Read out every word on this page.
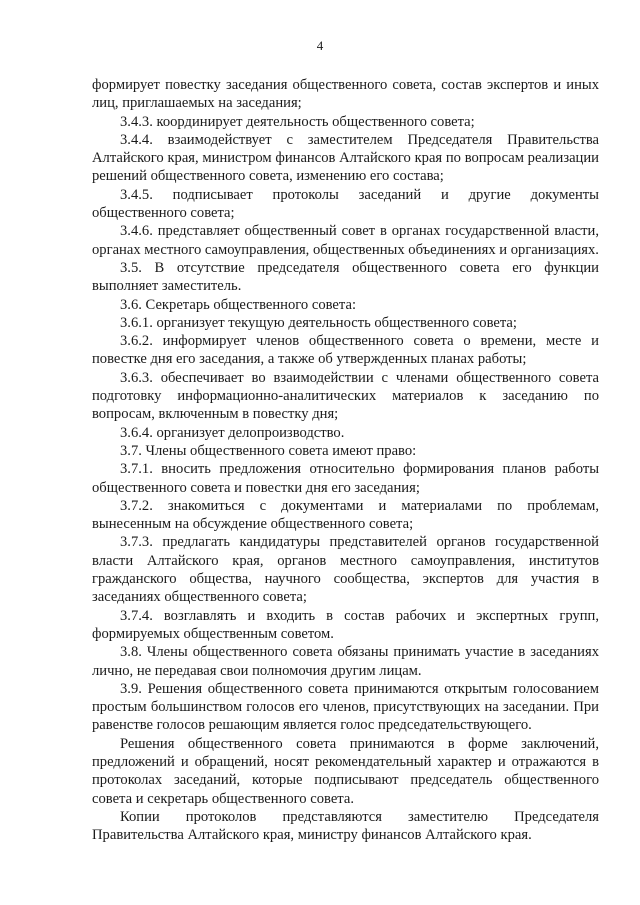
4

формирует повестку заседания общественного совета, состав экспертов и иных лиц, приглашаемых на заседания;

3.4.3. координирует деятельность общественного совета;

3.4.4. взаимодействует с заместителем Председателя Правительства Алтайского края, министром финансов Алтайского края по вопросам реализации решений общественного совета, изменению его состава;

3.4.5. подписывает протоколы заседаний и другие документы общественного совета;

3.4.6. представляет общественный совет в органах государственной власти, органах местного самоуправления, общественных объединениях и организациях.

3.5. В отсутствие председателя общественного совета его функции выполняет заместитель.

3.6. Секретарь общественного совета:

3.6.1. организует текущую деятельность общественного совета;

3.6.2. информирует членов общественного совета о времени, месте и повестке дня его заседания, а также об утвержденных планах работы;

3.6.3. обеспечивает во взаимодействии с членами общественного совета подготовку информационно-аналитических материалов к заседанию по вопросам, включенным в повестку дня;

3.6.4. организует делопроизводство.

3.7. Члены общественного совета имеют право:

3.7.1. вносить предложения относительно формирования планов работы общественного совета и повестки дня его заседания;

3.7.2. знакомиться с документами и материалами по проблемам, вынесенным на обсуждение общественного совета;

3.7.3. предлагать кандидатуры представителей органов государственной власти Алтайского края, органов местного самоуправления, институтов гражданского общества, научного сообщества, экспертов для участия в заседаниях общественного совета;

3.7.4. возглавлять и входить в состав рабочих и экспертных групп, формируемых общественным советом.

3.8. Члены общественного совета обязаны принимать участие в заседаниях лично, не передавая свои полномочия другим лицам.

3.9. Решения общественного совета принимаются открытым голосованием простым большинством голосов его членов, присутствующих на заседании. При равенстве голосов решающим является голос председательствующего.

Решения общественного совета принимаются в форме заключений, предложений и обращений, носят рекомендательный характер и отражаются в протоколах заседаний, которые подписывают председатель общественного совета и секретарь общественного совета.

Копии протоколов представляются заместителю Председателя Правительства Алтайского края, министру финансов Алтайского края.
